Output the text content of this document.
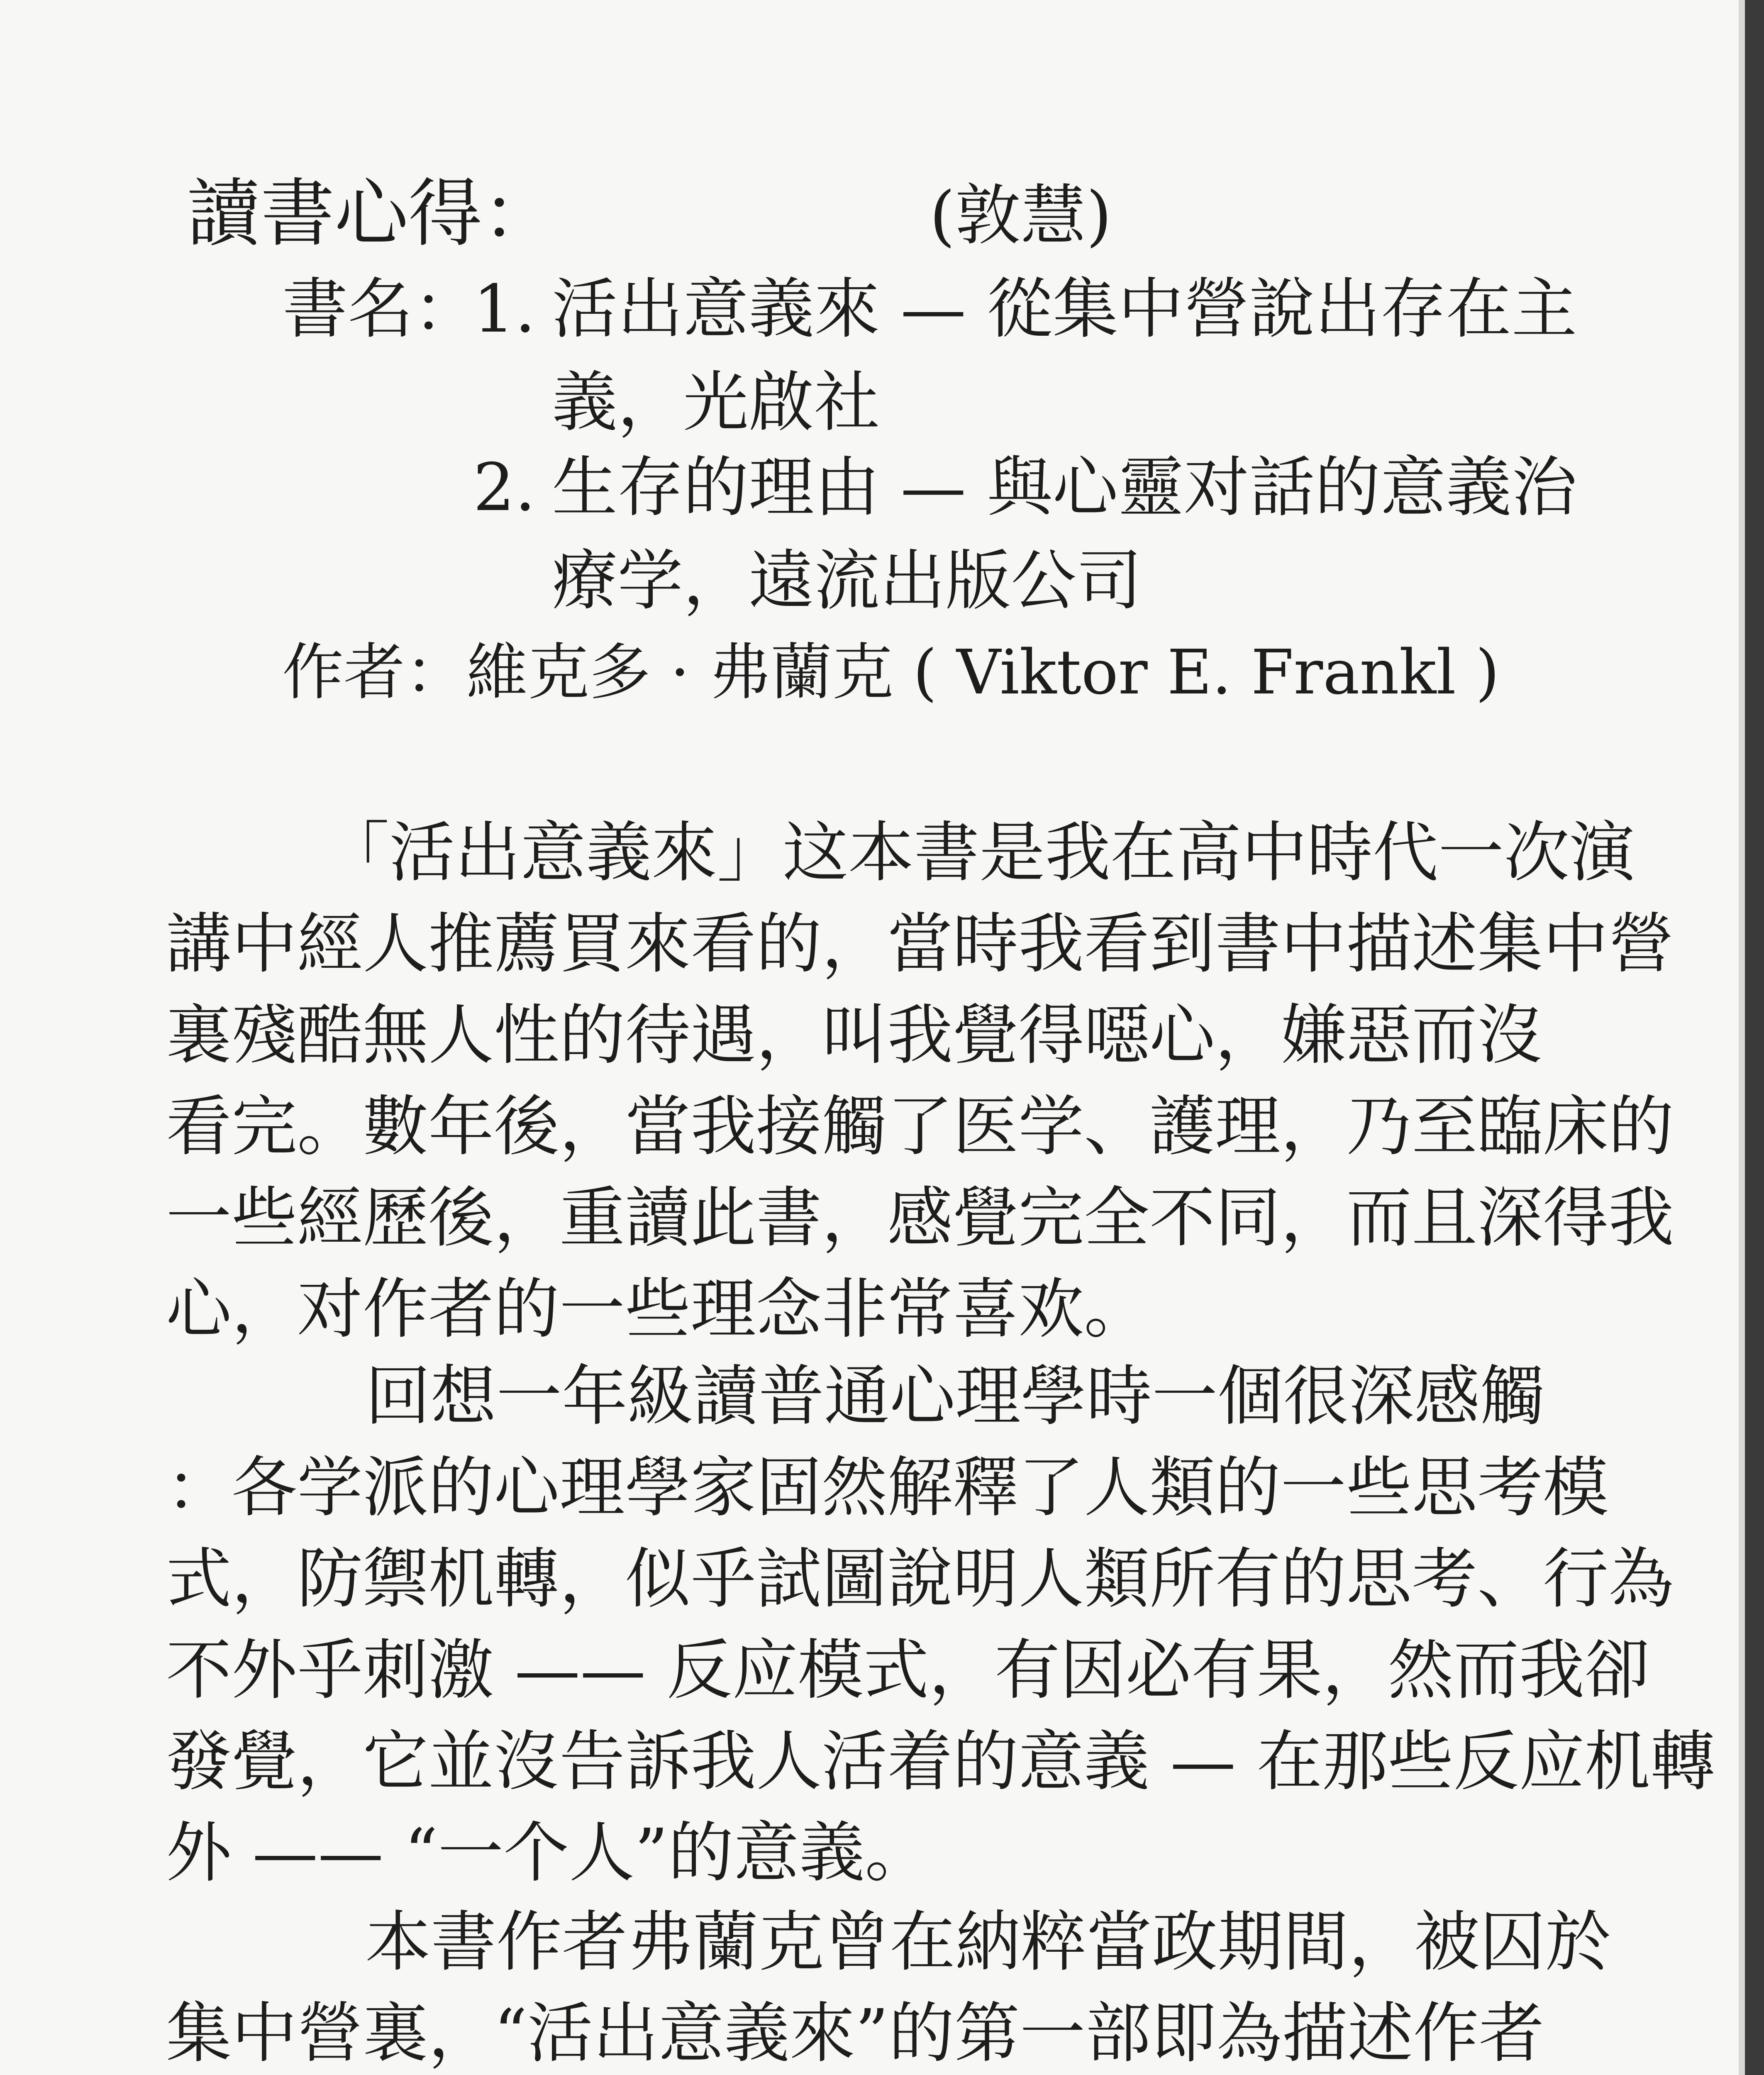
讀書心得：	(敦慧)
書名：
1. 活出意義來 — 從集中營說出存在主
義，光啟社
2. 生存的理由 — 與心靈对話的意義治
療学，遠流出版公司
作者：維克多 · 弗蘭克 ( Viktor E. Frankl )
「活出意義來」这本書是我在高中時代一次演
講中經人推薦買來看的，當時我看到書中描述集中營
裏殘酷無人性的待遇，叫我覺得噁心，嫌惡而沒
看完。數年後，當我接觸了医学、護理，乃至臨床的
一些經歷後，重讀此書，感覺完全不同，而且深得我
心，对作者的一些理念非常喜欢。
回想一年級讀普通心理學時一個很深感觸
：各学派的心理學家固然解釋了人類的一些思考模
式，防禦机轉，似乎試圖說明人類所有的思考、行為
不外乎刺激 —— 反应模式，有因必有果，然而我卻
發覺，它並沒告訴我人活着的意義 — 在那些反应机轉
外 —— “一个人”的意義。
本書作者弗蘭克曾在納粹當政期間，被囚於
集中營裏，“活出意義來”的第一部即為描述作者
